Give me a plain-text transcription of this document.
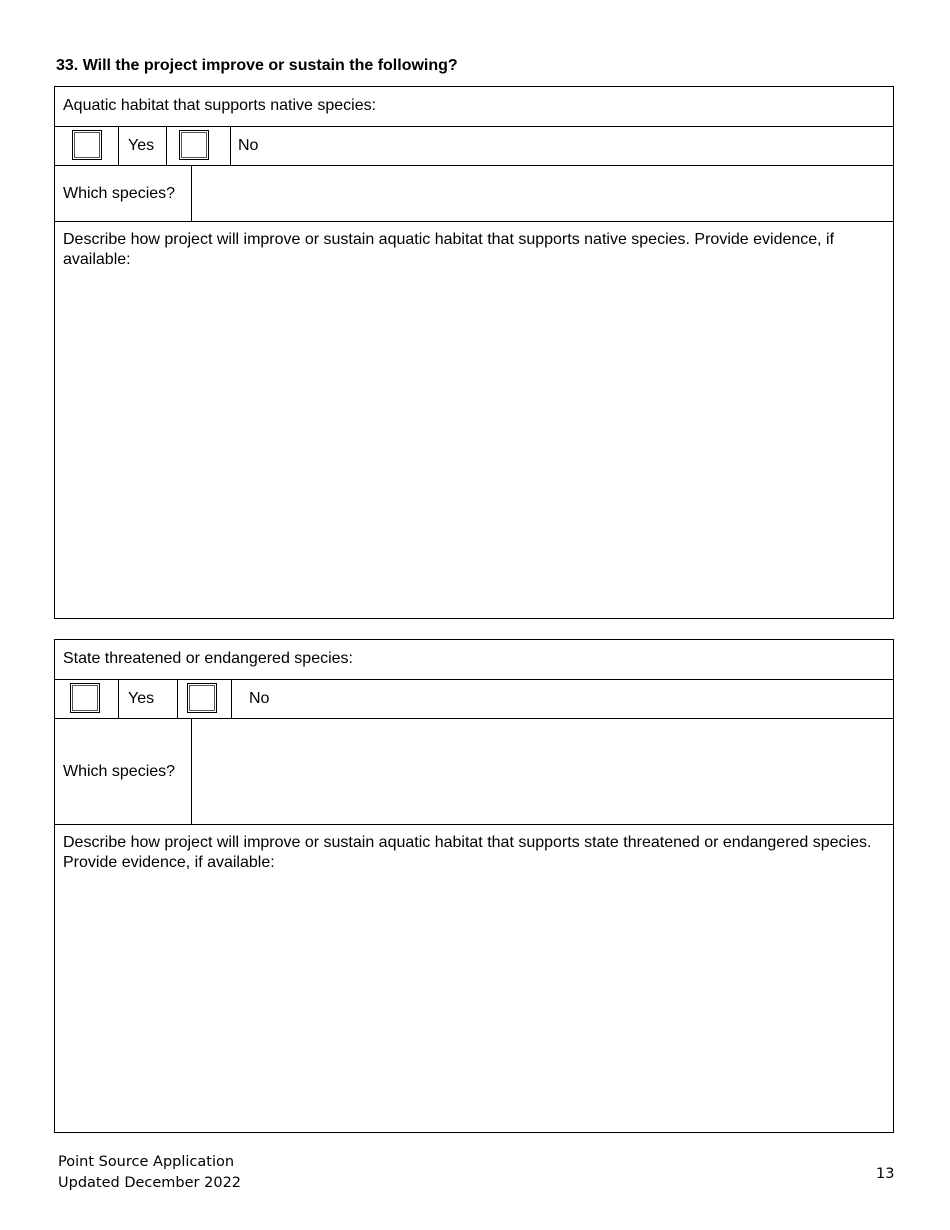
33. Will the project improve or sustain the following?
Aquatic habitat that supports native species:
Yes	No
Which species?
Describe how project will improve or sustain aquatic habitat that supports native species. Provide evidence, if available:
State threatened or endangered species:
Yes	No
Which species?
Describe how project will improve or sustain aquatic habitat that supports state threatened or endangered species. Provide evidence, if available:
Point Source Application
Updated December 2022
13
